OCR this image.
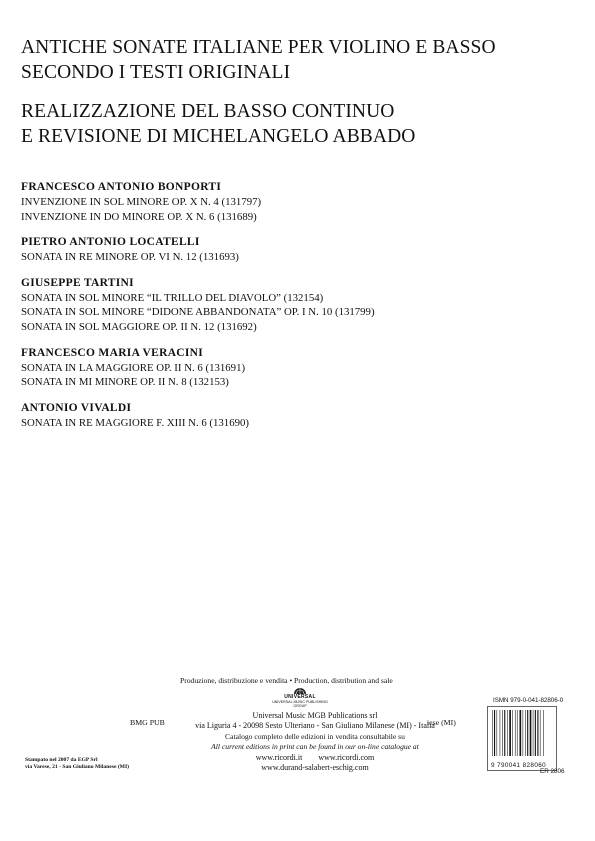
ANTICHE SONATE ITALIANE PER VIOLINO E BASSO
SECONDO I TESTI ORIGINALI
REALIZZAZIONE DEL BASSO CONTINUO
E REVISIONE DI MICHELANGELO ABBADO
FRANCESCO ANTONIO BONPORTI
INVENZIONE IN SOL MINORE OP. X N. 4 (131797)
INVENZIONE IN DO MINORE OP. X N. 6 (131689)
PIETRO ANTONIO LOCATELLI
SONATA IN RE MINORE OP. VI N. 12 (131693)
GIUSEPPE TARTINI
SONATA IN SOL MINORE “IL TRILLO DEL DIAVOLO” (132154)
SONATA IN SOL MINORE “DIDONE ABBANDONATA” OP. I N. 10 (131799)
SONATA IN SOL MAGGIORE OP. II N. 12 (131692)
FRANCESCO MARIA VERACINI
SONATA IN LA MAGGIORE OP. II N. 6 (131691)
SONATA IN MI MINORE OP. II N. 8 (132153)
ANTONIO VIVALDI
SONATA IN RE MAGGIORE F. XIII N. 6 (131690)
Produzione, distribuzione e vendita • Production, distribution and sale
UNIVERSAL
UNIVERSAL MUSIC PUBLISHING GROUP
BMG PUB
Universal Music MGB Publications srl
via Liguria 4 - 20098 Sesto Ulteriano - San Giuliano Milanese (MI) - Italia
Catalogo completo delle edizioni in vendita consultabile su
All current editions in print can be found in our on-line catalogue at
www.ricordi.it        www.ricordi.com
www.durand-salabert-eschig.com
iese (MI)
Stampato nel 2007 da EGP Srl
via Varese, 21 - San Giuliano Milanese (MI)
ISMN 979-0-041-82806-0
9 790041 828060
ER 2806
